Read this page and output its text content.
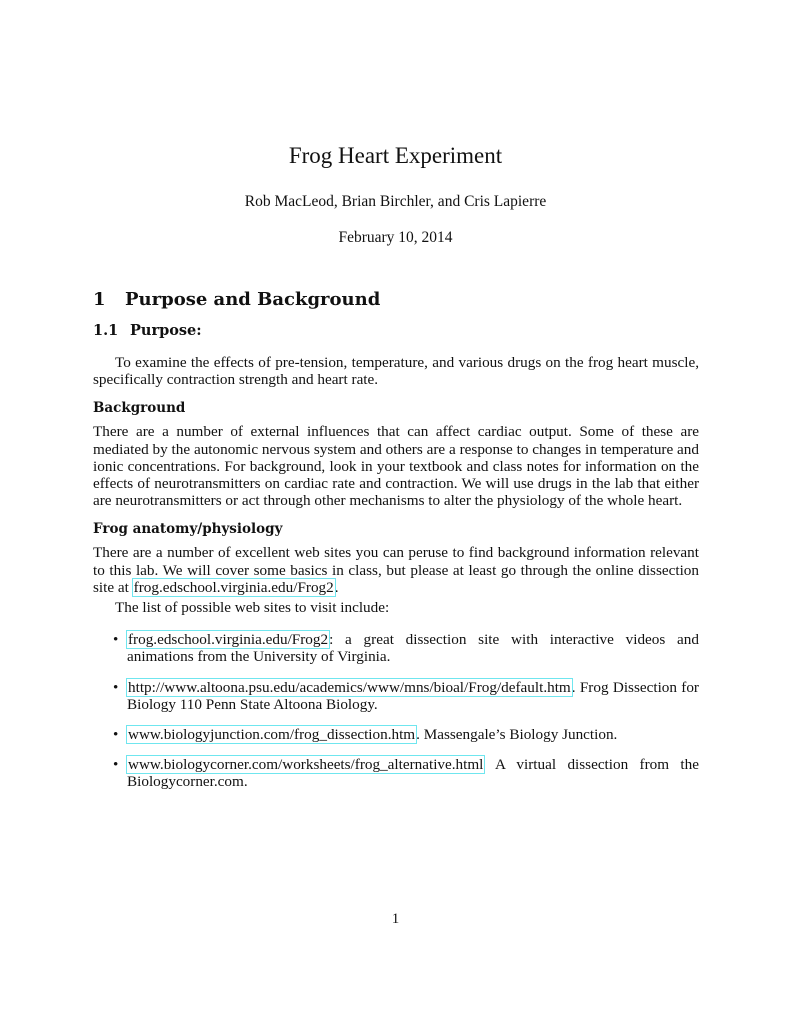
Frog Heart Experiment
Rob MacLeod, Brian Birchler, and Cris Lapierre
February 10, 2014
1 Purpose and Background
1.1 Purpose:

To examine the effects of pre-tension, temperature, and various drugs on the frog heart muscle, specifically contraction strength and heart rate.

Background

There are a number of external influences that can affect cardiac output. Some of these are mediated by the autonomic nervous system and others are a response to changes in temperature and ionic concentrations. For background, look in your textbook and class notes for information on the effects of neurotransmitters on cardiac rate and contraction. We will use drugs in the lab that either are neurotransmitters or act through other mechanisms to alter the physiology of the whole heart.

Frog anatomy/physiology

There are a number of excellent web sites you can peruse to find background information relevant to this lab. We will cover some basics in class, but please at least go through the online dissection site at frog.edschool.virginia.edu/Frog2.

The list of possible web sites to visit include:

• frog.edschool.virginia.edu/Frog2: a great dissection site with interactive videos and animations from the University of Virginia.
• http://www.altoona.psu.edu/academics/www/mns/bioal/Frog/default.htm. Frog Dissection for Biology 110 Penn State Altoona Biology.
• www.biologyjunction.com/frog_dissection.htm. Massengale’s Biology Junction.
• www.biologycorner.com/worksheets/frog_alternative.html A virtual dissection from the Biologycorner.com.
1
